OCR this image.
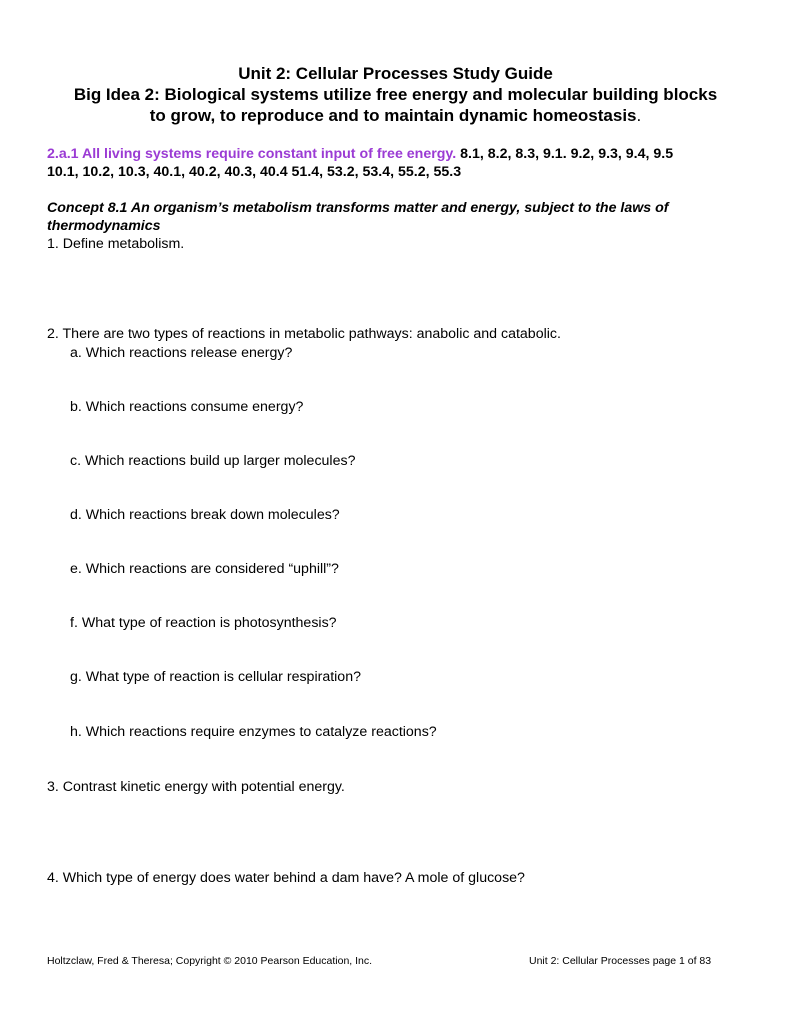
Unit 2: Cellular Processes Study Guide
Big Idea 2: Biological systems utilize free energy and molecular building blocks
to grow, to reproduce and to maintain dynamic homeostasis.
2.a.1 All living systems require constant input of free energy. 8.1, 8.2, 8.3, 9.1. 9.2, 9.3, 9.4, 9.5
10.1, 10.2, 10.3, 40.1, 40.2, 40.3, 40.4 51.4, 53.2, 53.4, 55.2, 55.3
Concept 8.1 An organism’s metabolism transforms matter and energy, subject to the laws of thermodynamics
1. Define metabolism.
2. There are two types of reactions in metabolic pathways: anabolic and catabolic.
a. Which reactions release energy?
b. Which reactions consume energy?
c. Which reactions build up larger molecules?
d. Which reactions break down molecules?
e. Which reactions are considered “uphill”?
f. What type of reaction is photosynthesis?
g. What type of reaction is cellular respiration?
h. Which reactions require enzymes to catalyze reactions?
3. Contrast kinetic energy with potential energy.
4. Which type of energy does water behind a dam have? A mole of glucose?
Holtzclaw, Fred & Theresa; Copyright © 2010 Pearson Education, Inc.	Unit 2: Cellular Processes page 1 of 83
